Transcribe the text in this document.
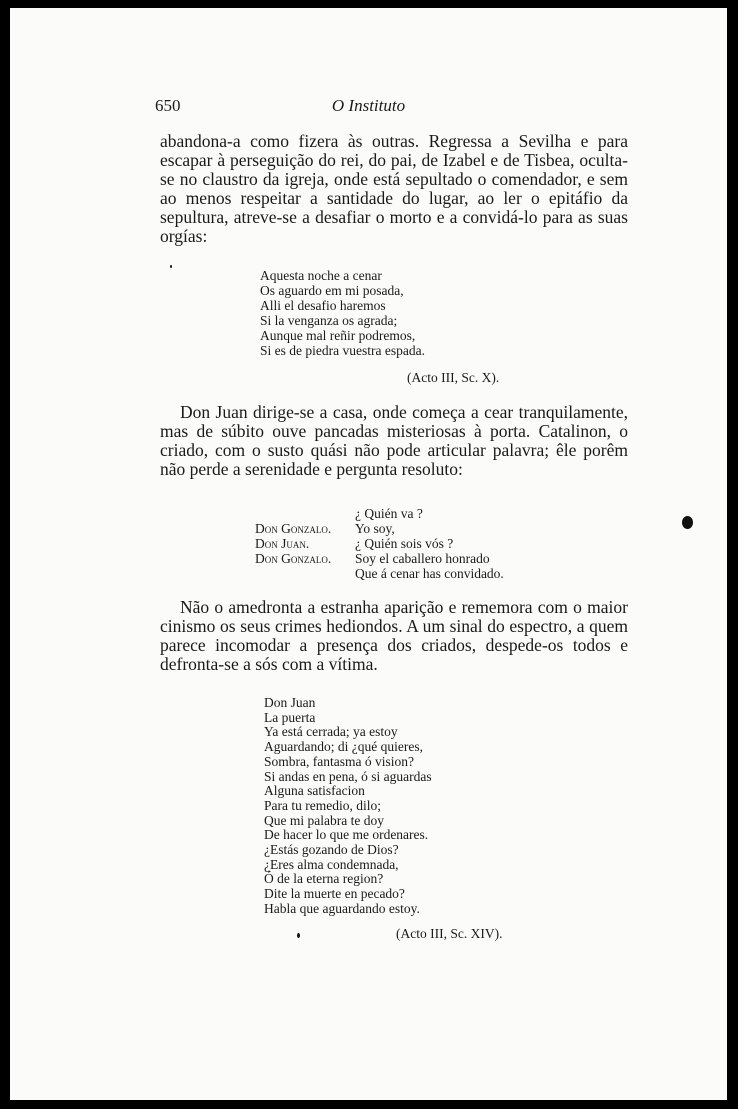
650	O Instituto

abandona-a como fizera às outras. Regressa a Sevilha e para escapar à perseguição do rei, do pai, de Izabel e de Tisbea, oculta-se no claustro da igreja, onde está sepultado o comendador, e sem ao menos respeitar a santidade do lugar, ao ler o epitáfio da sepultura, atreve-se a desafiar o morto e a convidá-lo para as suas orgías:

Aquesta noche a cenar
Os aguardo em mi posada,
Alli el desafio haremos
Si la venganza os agrada;
Aunque mal reñir podremos,
Si es de piedra vuestra espada.
(Acto III, Sc. X).

Don Juan dirige-se a casa, onde começa a cear tranquilamente, mas de súbito ouve pancadas misteriosas à porta. Catalinon, o criado, com o susto quási não pode articular palavra; êle porêm não perde a serenidade e pergunta resoluto:

¿ Quién va ?
Don Gonzalo. Yo soy,
Don Juan.	¿ Quién sois vós ?
Don Gonzalo. Soy el caballero honrado
Que á cenar has convidado.

Não o amedronta a estranha aparição e rememora com o maior cinismo os seus crimes hediondos. A um sinal do espectro, a quem parece incomodar a presença dos criados, despede-os todos e defronta-se a sós com a vítima.

Don Juan
La puerta
Ya está cerrada; ya estoy
Aguardando; di ¿qué quieres,
Sombra, fantasma ó vision?
Si andas en pena, ó si aguardas
Alguna satisfacion
Para tu remedio, dilo;
Que mi palabra te doy
De hacer lo que me ordenares.
¿Estás gozando de Dios?
¿Eres alma condemnada,
Ó de la eterna region?
Dite la muerte en pecado?
Habla que aguardando estoy.
(Acto III, Sc. XIV).
